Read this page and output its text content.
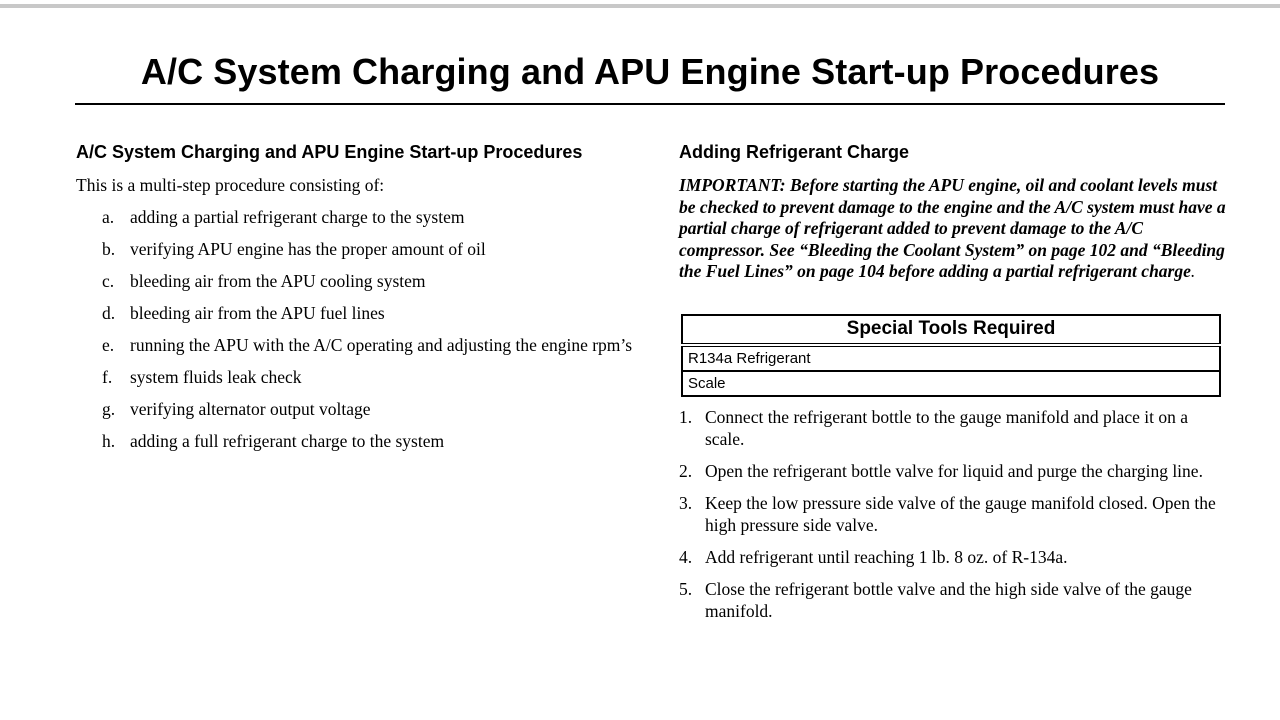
A/C System Charging and APU Engine Start-up Procedures
A/C System Charging and APU Engine Start-up Procedures

This is a multi-step procedure consisting of:

a. adding a partial refrigerant charge to the system
b. verifying APU engine has the proper amount of oil
c. bleeding air from the APU cooling system
d. bleeding air from the APU fuel lines
e. running the APU with the A/C operating and adjusting the engine rpm’s
f. system fluids leak check
g. verifying alternator output voltage
h. adding a full refrigerant charge to the system
Adding Refrigerant Charge

IMPORTANT: Before starting the APU engine, oil and coolant levels must be checked to prevent damage to the engine and the A/C system must have a partial charge of refrigerant added to prevent damage to the A/C compressor. See “Bleeding the Coolant System” on page 102 and “Bleeding the Fuel Lines” on page 104 before adding a partial refrigerant charge.

Special Tools Required
R134a Refrigerant
Scale
1. Connect the refrigerant bottle to the gauge manifold and place it on a scale.
2. Open the refrigerant bottle valve for liquid and purge the charging line.
3. Keep the low pressure side valve of the gauge manifold closed. Open the high pressure side valve.
4. Add refrigerant until reaching 1 lb. 8 oz. of R-134a.
5. Close the refrigerant bottle valve and the high side valve of the gauge manifold.
